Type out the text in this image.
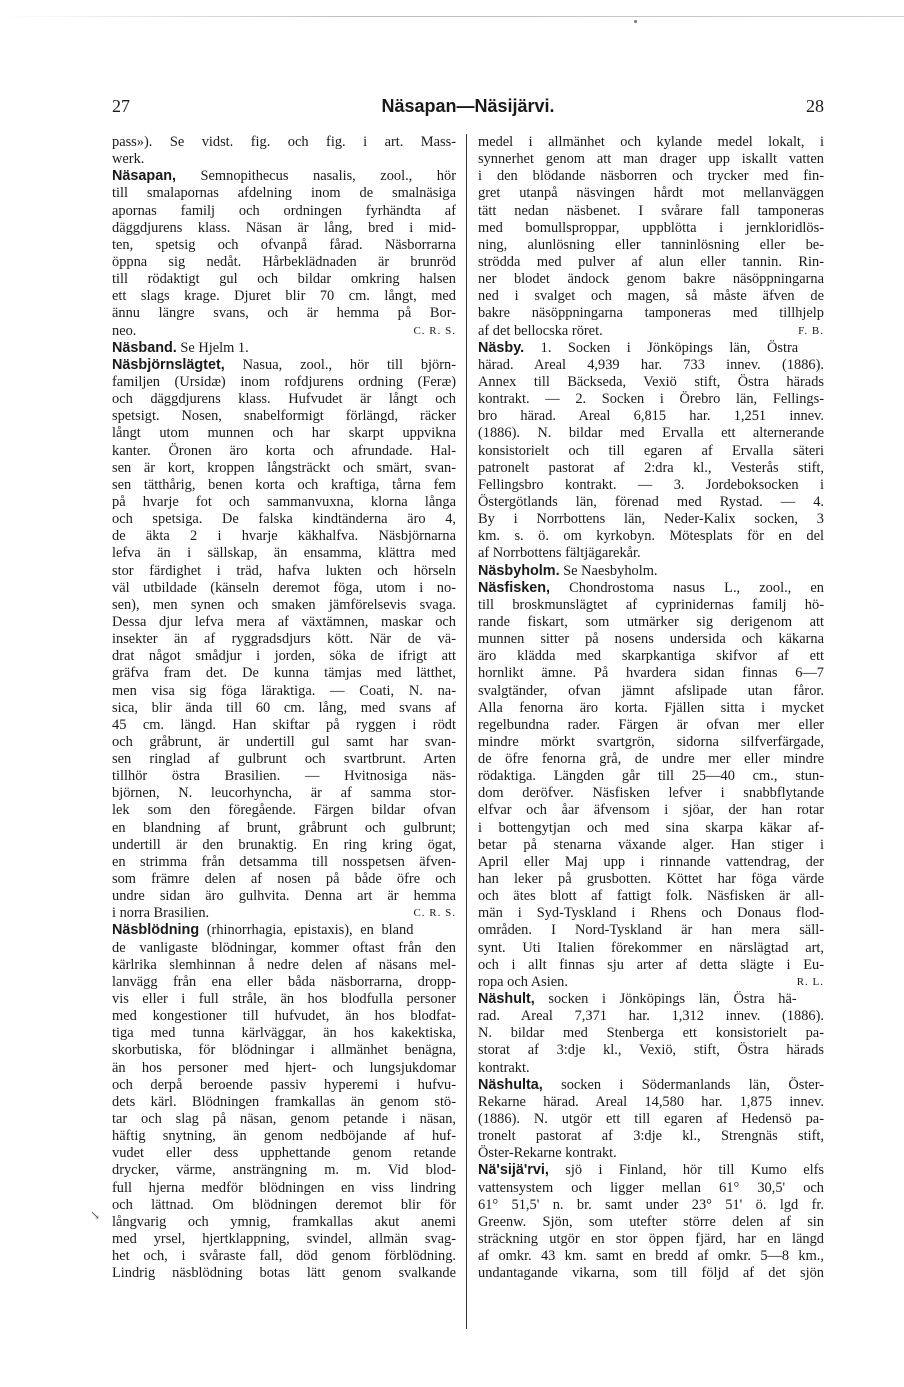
27	Näsapan—Näsijärvi.	28
pass»). Se vidst. fig. och fig. i art. Mass-
werk.
Näsapan, Semnopithecus nasalis, zool., hör
till smalapornas afdelning inom de smalnäsiga
apornas familj och ordningen fyrhändta af
däggdjurens klass. Näsan är lång, bred i mid-
ten, spetsig och ofvanpå fårad. Näsborrarna
öppna sig nedåt. Hårbeklädnaden är brunröd
till rödaktigt gul och bildar omkring halsen
ett slags krage. Djuret blir 70 cm. långt, med
ännu längre svans, och är hemma på Bor-
C. R. S.
neo.
Näsband. Se Hjelm 1.
Näsbjörnslägtet, Nasua, zool., hör till björn-
familjen (Ursidæ) inom rofdjurens ordning (Feræ)
och däggdjurens klass. Hufvudet är långt och
spetsigt. Nosen, snabelformigt förlängd, räcker
långt utom munnen och har skarpt uppvikna
kanter. Öronen äro korta och afrundade. Hal-
sen är kort, kroppen långsträckt och smärt, svan-
sen tätthårig, benen korta och kraftiga, tårna fem
på hvarje fot och sammanvuxna, klorna långa
och spetsiga. De falska kindtänderna äro 4,
de äkta 2 i hvarje käkhalfva. Näsbjörnarna
lefva än i sällskap, än ensamma, klättra med
stor färdighet i träd, hafva lukten och hörseln
väl utbildade (känseln deremot föga, utom i no-
sen), men synen och smaken jämförelsevis svaga.
Dessa djur lefva mera af växtämnen, maskar och
insekter än af ryggradsdjurs kött. När de vä-
drat något smådjur i jorden, söka de ifrigt att
gräfva fram det. De kunna tämjas med lätthet,
men visa sig föga läraktiga. — Coati, N. na-
sica, blir ända till 60 cm. lång, med svans af
45 cm. längd. Han skiftar på ryggen i rödt
och gråbrunt, är undertill gul samt har svan-
sen ringlad af gulbrunt och svartbrunt. Arten
tillhör östra Brasilien. — Hvitnosiga näs-
björnen, N. leucorhyncha, är af samma stor-
lek som den föregående. Färgen bildar ofvan
en blandning af brunt, gråbrunt och gulbrunt;
undertill är den brunaktig. En ring kring ögat,
en strimma från detsamma till nosspetsen äfven-
som främre delen af nosen på både öfre och
undre sidan äro gulhvita. Denna art är hemma
C. R. S.
i norra Brasilien.
Näsblödning (rhinorrhagia, epistaxis), en bland
de vanligaste blödningar, kommer oftast från den
kärlrika slemhinnan å nedre delen af näsans mel-
lanvägg från ena eller båda näsborrarna, dropp-
vis eller i full stråle, än hos blodfulla personer
med kongestioner till hufvudet, än hos blodfat-
tiga med tunna kärlväggar, än hos kakektiska,
skorbutiska, för blödningar i allmänhet benägna,
än hos personer med hjert- och lungsjukdomar
och derpå beroende passiv hyperemi i hufvu-
dets kärl. Blödningen framkallas än genom stö-
tar och slag på näsan, genom petande i näsan,
häftig snytning, än genom nedböjande af huf-
vudet eller dess upphettande genom retande
drycker, värme, ansträngning m. m. Vid blod-
full hjerna medför blödningen en viss lindring
och lättnad. Om blödningen deremot blir för
långvarig och ymnig, framkallas akut anemi
med yrsel, hjertklappning, svindel, allmän svag-
het och, i svåraste fall, död genom förblödning.
Lindrig näsblödning botas lätt genom svalkande
medel i allmänhet och kylande medel lokalt, i
synnerhet genom att man drager upp iskallt vatten
i den blödande näsborren och trycker med fin-
gret utanpå näsvingen hårdt mot mellanväggen
tätt nedan näsbenet. I svårare fall tamponeras
med bomullsproppar, uppblötta i jernkloridlös-
ning, alunlösning eller tanninlösning eller be-
strödda med pulver af alun eller tannin. Rin-
ner blodet ändock genom bakre näsöppningarna
ned i svalget och magen, så måste äfven de
bakre näsöppningarna tamponeras med tillhjelp
F. B.
af det bellocska röret.
Näsby. 1. Socken i Jönköpings län, Östra
härad. Areal 4,939 har. 733 innev. (1886).
Annex till Bäckseda, Vexiö stift, Östra härads
kontrakt. — 2. Socken i Örebro län, Fellings-
bro härad. Areal 6,815 har. 1,251 innev.
(1886). N. bildar med Ervalla ett alternerande
konsistorielt och till egaren af Ervalla säteri
patronelt pastorat af 2:dra kl., Vesterås stift,
Fellingsbro kontrakt. — 3. Jordeboksocken i
Östergötlands län, förenad med Rystad. — 4.
By i Norrbottens län, Neder-Kalix socken, 3
km. s. ö. om kyrkobyn. Mötesplats för en del
af Norrbottens fältjägarekår.
Näsbyholm. Se Naesbyholm.
Näsfisken, Chondrostoma nasus L., zool., en
till broskmunslägtet af cyprinidernas familj hö-
rande fiskart, som utmärker sig derigenom att
munnen sitter på nosens undersida och käkarna
äro klädda med skarpkantiga skifvor af ett
hornlikt ämne. På hvardera sidan finnas 6—7
svalgtänder, ofvan jämnt afslipade utan fåror.
Alla fenorna äro korta. Fjällen sitta i mycket
regelbundna rader. Färgen är ofvan mer eller
mindre mörkt svartgrön, sidorna silfverfärgade,
de öfre fenorna grå, de undre mer eller mindre
rödaktiga. Längden går till 25—40 cm., stun-
dom deröfver. Näsfisken lefver i snabbflytande
elfvar och åar äfvensom i sjöar, der han rotar
i bottengytjan och med sina skarpa käkar af-
betar på stenarna växande alger. Han stiger i
April eller Maj upp i rinnande vattendrag, der
han leker på grusbotten. Köttet har föga värde
och ätes blott af fattigt folk. Näsfisken är all-
män i Syd-Tyskland i Rhens och Donaus flod-
områden. I Nord-Tyskland är han mera säll-
synt. Uti Italien förekommer en närslägtad art,
och i allt finnas sju arter af detta slägte i Eu-
R. L.
ropa och Asien.
Näshult, socken i Jönköpings län, Östra hä-
rad. Areal 7,371 har. 1,312 innev. (1886).
N. bildar med Stenberga ett konsistorielt pa-
storat af 3:dje kl., Vexiö, stift, Östra härads
kontrakt.
Näshulta, socken i Södermanlands län, Öster-
Rekarne härad. Areal 14,580 har. 1,875 innev.
(1886). N. utgör ett till egaren af Hedensö pa-
tronelt pastorat af 3:dje kl., Strengnäs stift,
Öster-Rekarne kontrakt.
Nä'sijä'rvi, sjö i Finland, hör till Kumo elfs
vattensystem och ligger mellan 61° 30,5' och
61° 51,5' n. br. samt under 23° 51' ö. lgd fr.
Greenw. Sjön, som utefter större delen af sin
sträckning utgör en stor öppen fjärd, har en längd
af omkr. 43 km. samt en bredd af omkr. 5—8 km.,
undantagande vikarna, som till följd af det sjön
↘
